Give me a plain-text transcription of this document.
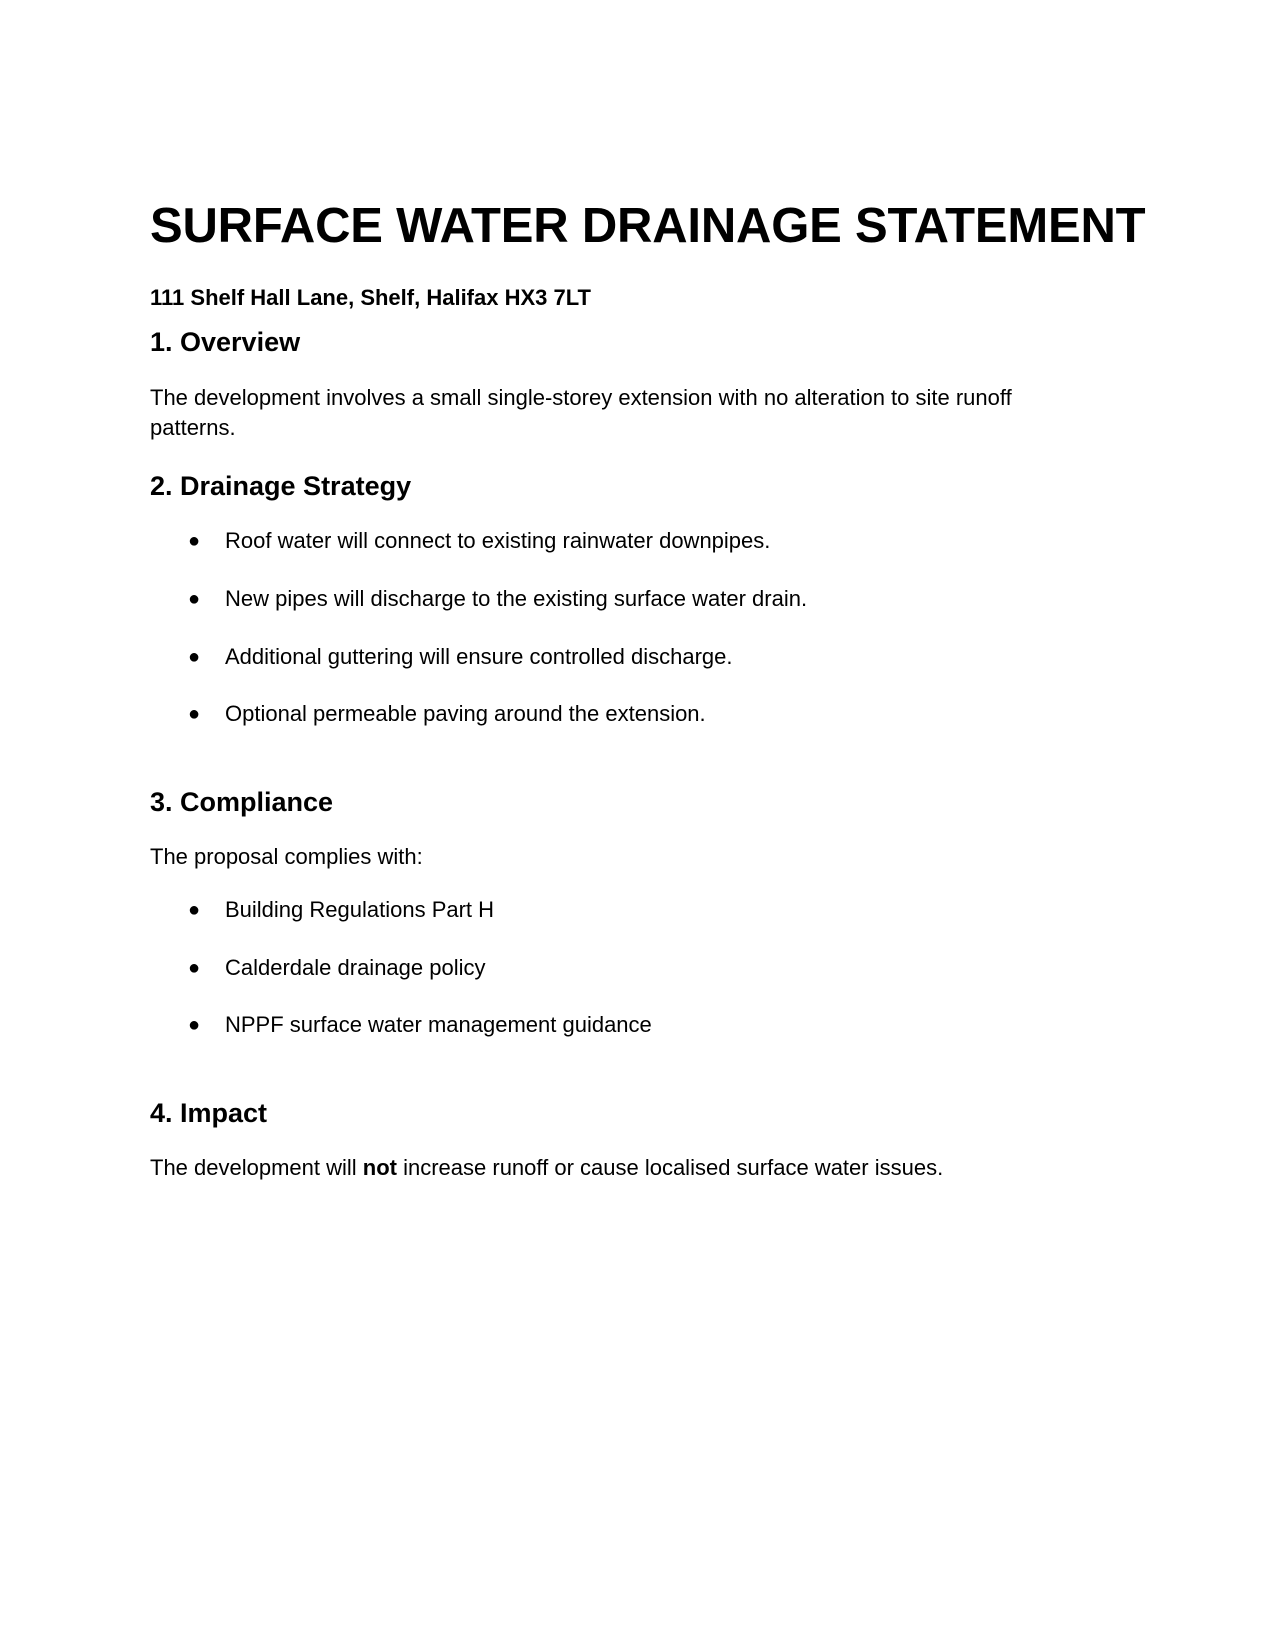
SURFACE WATER DRAINAGE STATEMENT

111 Shelf Hall Lane, Shelf, Halifax HX3 7LT

1. Overview

The development involves a small single-storey extension with no alteration to site runoff patterns.

2. Drainage Strategy
●	Roof water will connect to existing rainwater downpipes.
●	New pipes will discharge to the existing surface water drain.
●	Additional guttering will ensure controlled discharge.
●	Optional permeable paving around the extension.
3. Compliance

The proposal complies with:

●	Building Regulations Part H
●	Calderdale drainage policy
●	NPPF surface water management guidance
4. Impact

The development will not increase runoff or cause localised surface water issues.
